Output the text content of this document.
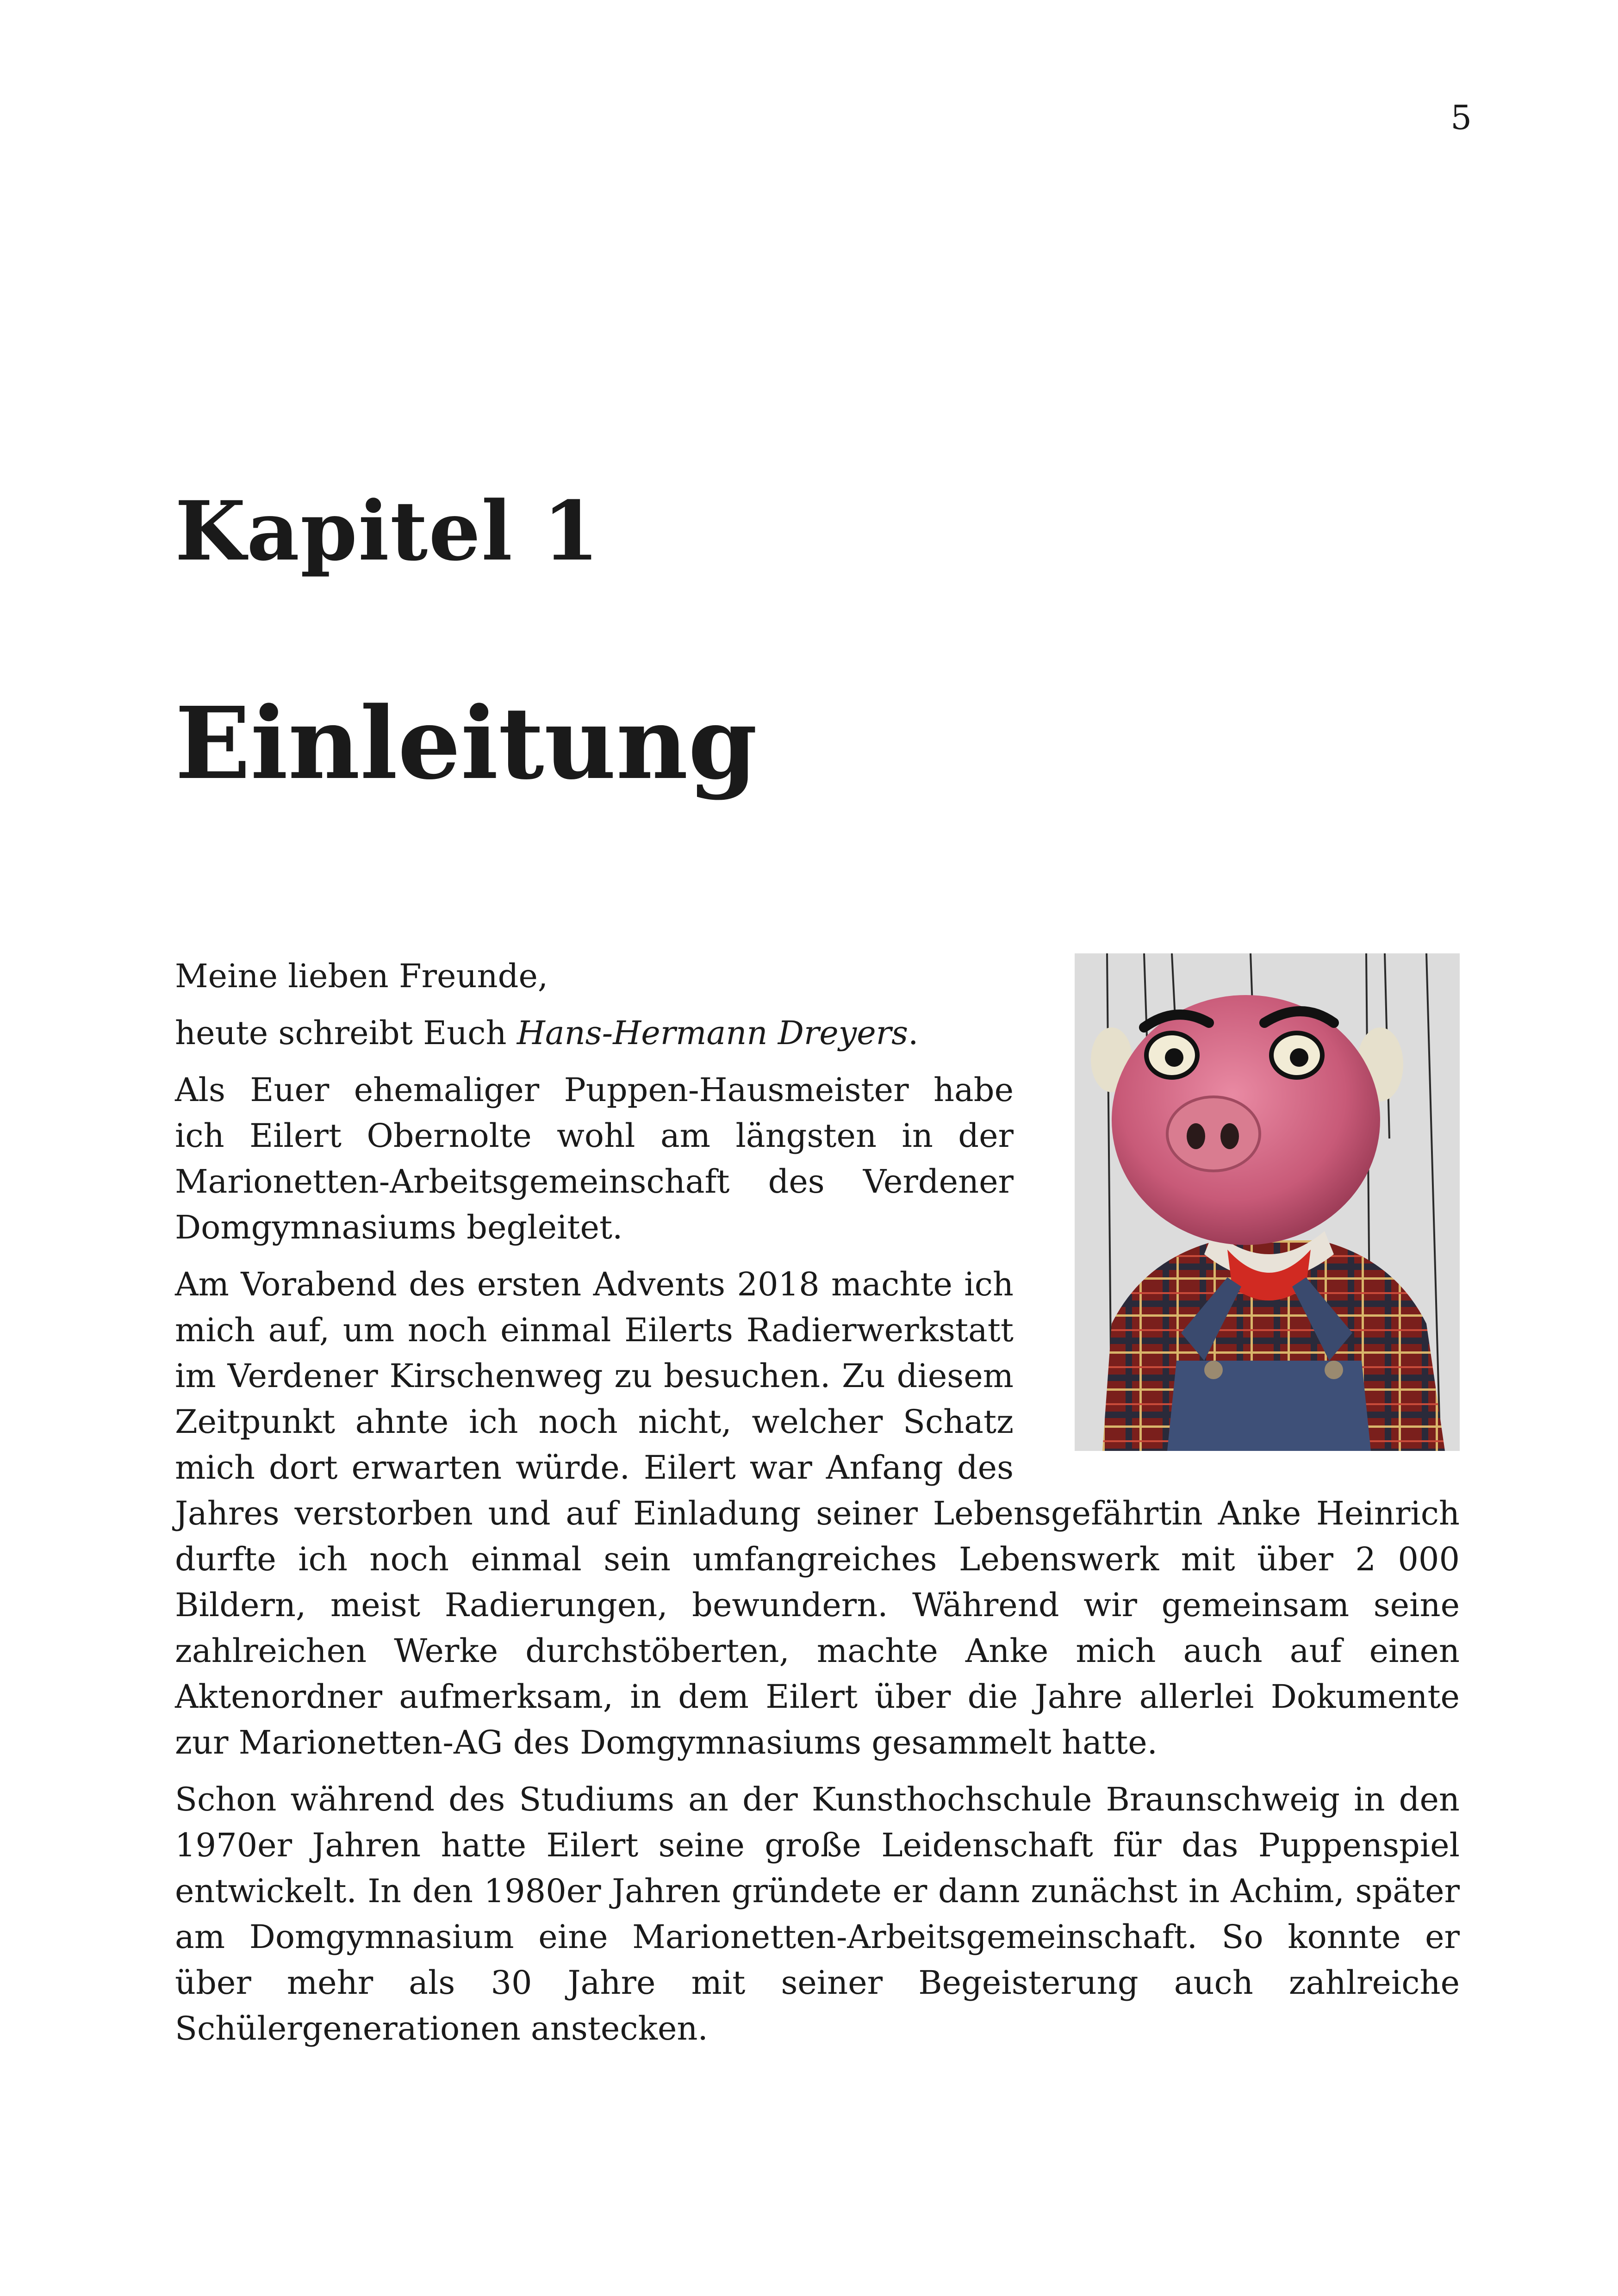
5
Kapitel 1
Einleitung

Meine lieben Freunde,

heute schreibt Euch Hans-Hermann Dreyers.

Als Euer ehemaliger Puppen-Hausmeister habe ich Eilert Obernolte wohl am längsten in der Marionetten-Arbeitsgemeinschaft des Verdener Domgymnasiums begleitet.

Am Vorabend des ersten Advents 2018 machte ich mich auf, um noch einmal Eilerts Radierwerkstatt im Verdener Kirschenweg zu besuchen. Zu diesem Zeitpunkt ahnte ich noch nicht, welcher Schatz mich dort erwarten würde. Eilert war Anfang des Jahres verstorben und auf Einladung seiner Lebensgefährtin Anke Heinrich durfte ich noch einmal sein umfangreiches Lebenswerk mit über 2 000 Bildern, meist Radierungen, bewundern. Während wir gemeinsam seine zahlreichen Werke durchstöberten, machte Anke mich auch auf einen Aktenordner aufmerksam, in dem Eilert über die Jahre allerlei Dokumente zur Marionetten-AG des Domgymnasiums gesammelt hatte.

Schon während des Studiums an der Kunsthochschule Braunschweig in den 1970er Jahren hatte Eilert seine große Leidenschaft für das Puppenspiel entwickelt. In den 1980er Jahren gründete er dann zunächst in Achim, später am Domgymnasium eine Marionetten-Arbeitsgemeinschaft. So konnte er über mehr als 30 Jahre mit seiner Begeisterung auch zahlreiche Schülergenerationen anstecken.
